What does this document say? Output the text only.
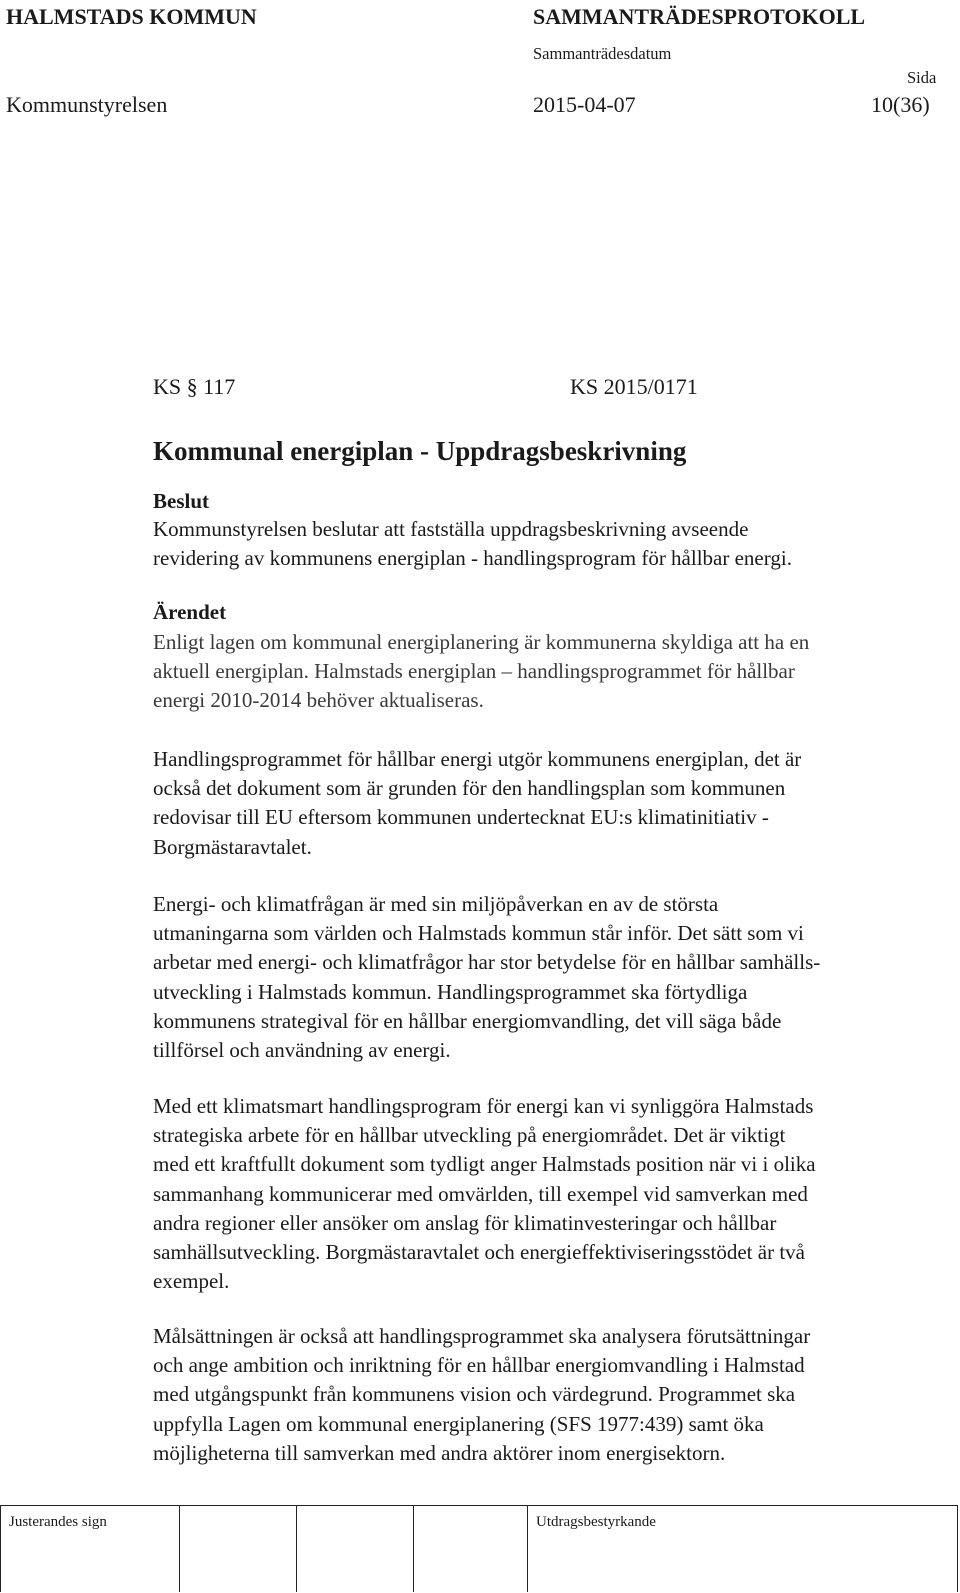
HALMSTADS KOMMUN	SAMMANTRÄDESPROTOKOLL
Sammanträdesdatum
Sida
Kommunstyrelsen	2015-04-07	10(36)
KS § 117	KS 2015/0171
Kommunal energiplan - Uppdragsbeskrivning
Beslut
Kommunstyrelsen beslutar att fastställa uppdragsbeskrivning avseende
revidering av kommunens energiplan - handlingsprogram för hållbar energi.
Ärendet
Enligt lagen om kommunal energiplanering är kommunerna skyldiga att ha en
aktuell energiplan. Halmstads energiplan – handlingsprogrammet för hållbar
energi 2010-2014 behöver aktualiseras.
Handlingsprogrammet för hållbar energi utgör kommunens energiplan, det är
också det dokument som är grunden för den handlingsplan som kommunen
redovisar till EU eftersom kommunen undertecknat EU:s klimatinitiativ -
Borgmästaravtalet.
Energi- och klimatfrågan är med sin miljöpåverkan en av de största
utmaningarna som världen och Halmstads kommun står inför. Det sätt som vi
arbetar med energi- och klimatfrågor har stor betydelse för en hållbar samhälls-
utveckling i Halmstads kommun. Handlingsprogrammet ska förtydliga
kommunens strategival för en hållbar energiomvandling, det vill säga både
tillförsel och användning av energi.
Med ett klimatsmart handlingsprogram för energi kan vi synliggöra Halmstads
strategiska arbete för en hållbar utveckling på energiområdet. Det är viktigt
med ett kraftfullt dokument som tydligt anger Halmstads position när vi i olika
sammanhang kommunicerar med omvärlden, till exempel vid samverkan med
andra regioner eller ansöker om anslag för klimatinvesteringar och hållbar
samhällsutveckling. Borgmästaravtalet och energieffektiviseringsstödet är två
exempel.
Målsättningen är också att handlingsprogrammet ska analysera förutsättningar
och ange ambition och inriktning för en hållbar energiomvandling i Halmstad
med utgångspunkt från kommunens vision och värdegrund. Programmet ska
uppfylla Lagen om kommunal energiplanering (SFS 1977:439) samt öka
möjligheterna till samverkan med andra aktörer inom energisektorn.
Justerandes sign	Utdragsbestyrkande
